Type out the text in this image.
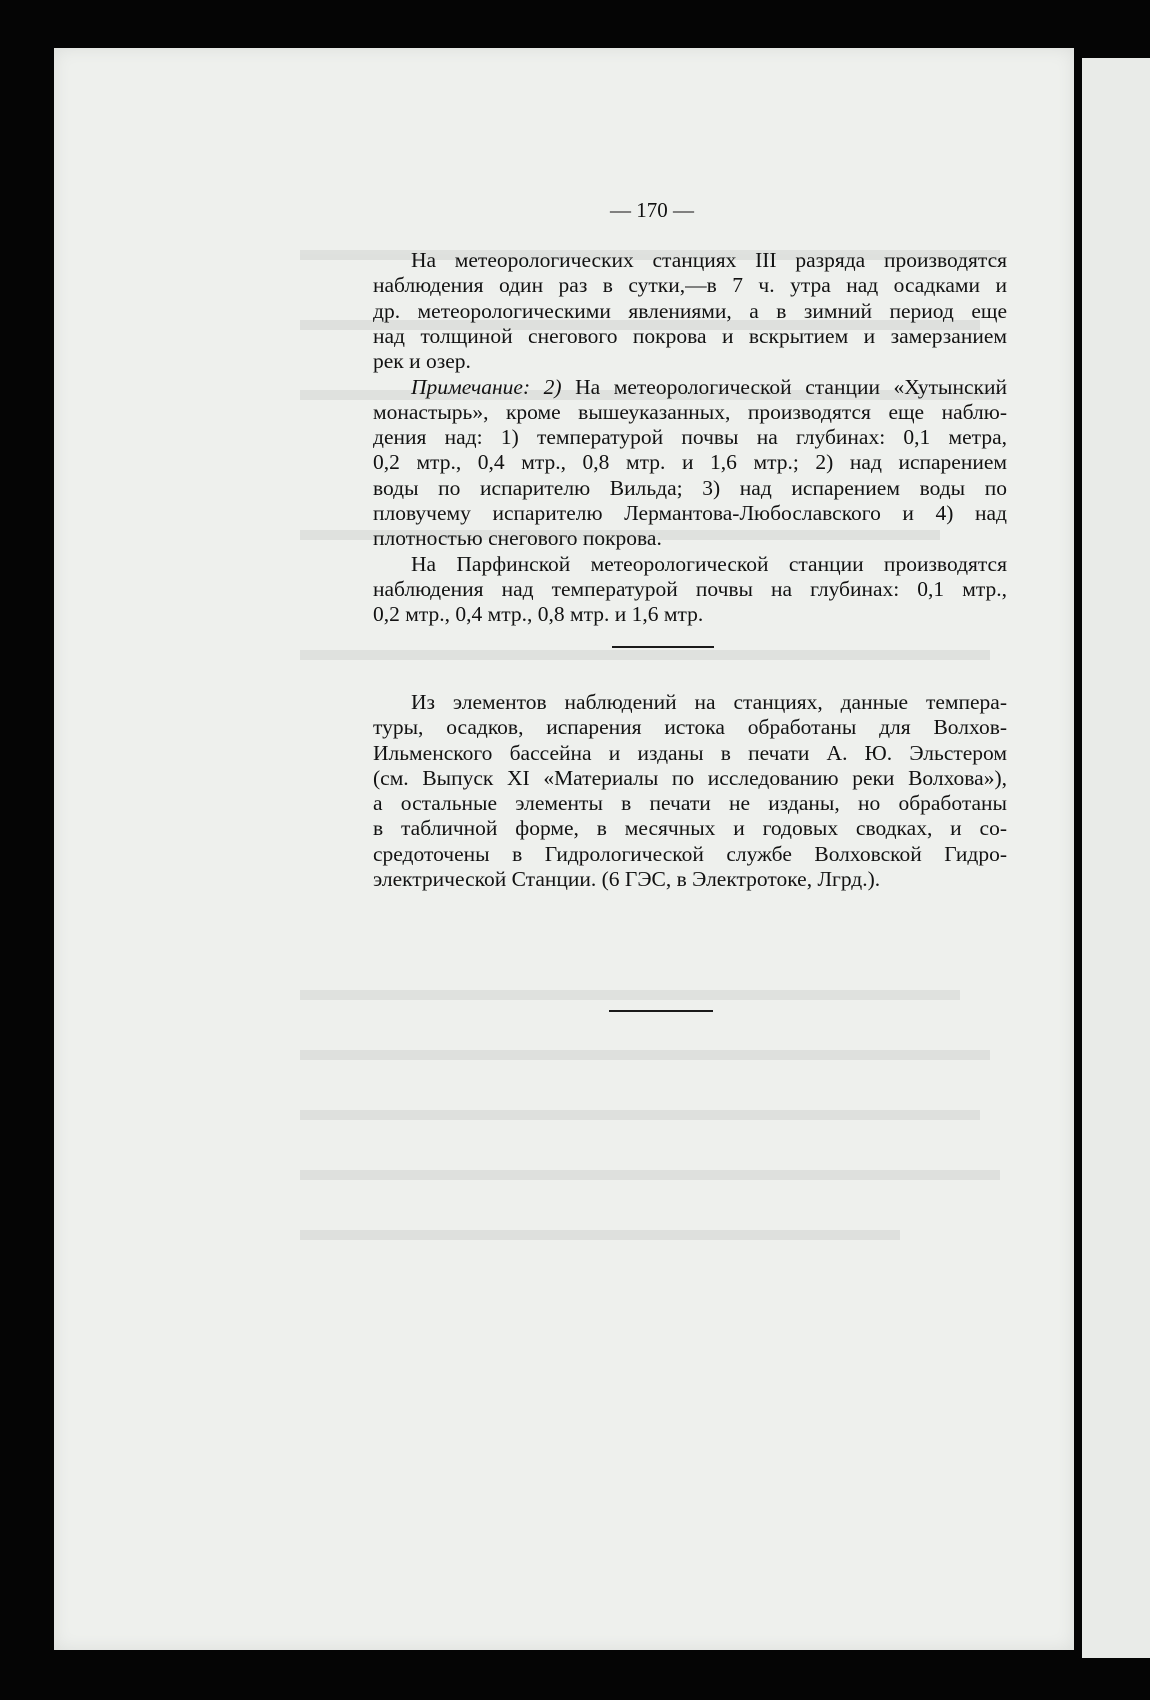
— 170 —
На метеорологических станциях III разряда производятся
наблюдения один раз в сутки,—в 7 ч. утра над осадками и
др. метеорологическими явлениями, а в зимний период еще
над толщиной снегового покрова и вскрытием и замерзанием
рек и озер.
Примечание: 2) На метеорологической станции «Хутынский
монастырь», кроме вышеуказанных, производятся еще наблю-
дения над: 1) температурой почвы на глубинах: 0,1 метра,
0,2 мтр., 0,4 мтр., 0,8 мтр. и 1,6 мтр.; 2) над испарением
воды по испарителю Вильда; 3) над испарением воды по
пловучему испарителю Лермантова-Любославского и 4) над
плотностью снегового покрова.
На Парфинской метеорологической станции производятся
наблюдения над температурой почвы на глубинах: 0,1 мтр.,
0,2 мтр., 0,4 мтр., 0,8 мтр. и 1,6 мтр.
Из элементов наблюдений на станциях, данные темпера-
туры, осадков, испарения истока обработаны для Волхов-
Ильменского бассейна и изданы в печати А. Ю. Эльстером
(см. Выпуск XI «Материалы по исследованию реки Волхова»),
а остальные элементы в печати не изданы, но обработаны
в табличной форме, в месячных и годовых сводках, и со-
средоточены в Гидрологической службе Волховской Гидро-
электрической Станции. (6 ГЭС, в Электротоке, Лгрд.).
